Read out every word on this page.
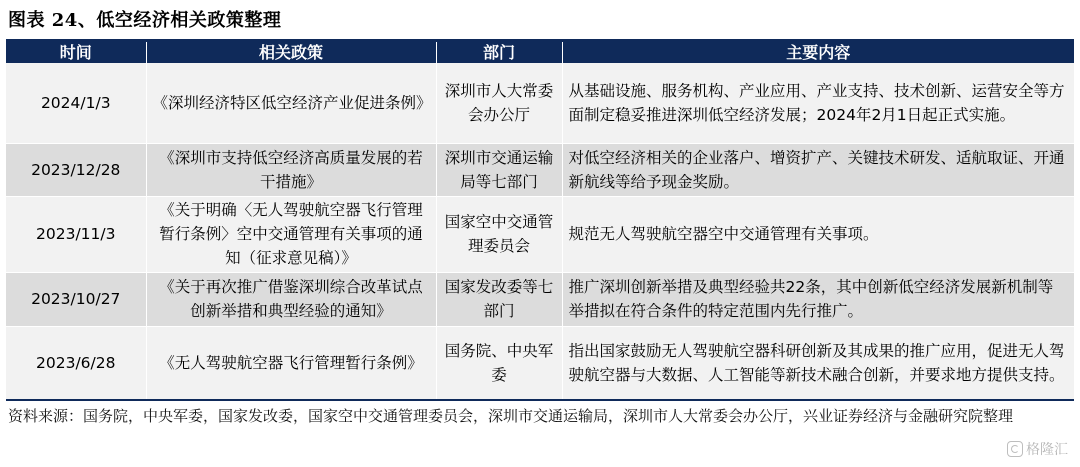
图表 24、低空经济相关政策整理
时间	相关政策	部门	主要内容
2024/1/3	《深圳经济特区低空经济产业促进条例》	深圳市人大常委会办公厅	从基础设施、服务机构、产业应用、产业支持、技术创新、运营安全等方面制定稳妥推进深圳低空经济发展；2024年2月1日起正式实施。
2023/12/28	《深圳市支持低空经济高质量发展的若干措施》	深圳市交通运输局等七部门	对低空经济相关的企业落户、增资扩产、关键技术研发、适航取证、开通新航线等给予现金奖励。
2023/11/3	《关于明确〈无人驾驶航空器飞行管理暂行条例〉空中交通管理有关事项的通知（征求意见稿）》	国家空中交通管理委员会	规范无人驾驶航空器空中交通管理有关事项。
2023/10/27	《关于再次推广借鉴深圳综合改革试点创新举措和典型经验的通知》	国家发改委等七部门	推广深圳创新举措及典型经验共22条，其中创新低空经济发展新机制等举措拟在符合条件的特定范围内先行推广。
2023/6/28	《无人驾驶航空器飞行管理暂行条例》	国务院、中央军委	指出国家鼓励无人驾驶航空器科研创新及其成果的推广应用，促进无人驾驶航空器与大数据、人工智能等新技术融合创新，并要求地方提供支持。
资料来源：国务院，中央军委，国家发改委，国家空中交通管理委员会，深圳市交通运输局，深圳市人大常委会办公厅，兴业证券经济与金融研究院整理
格隆汇
